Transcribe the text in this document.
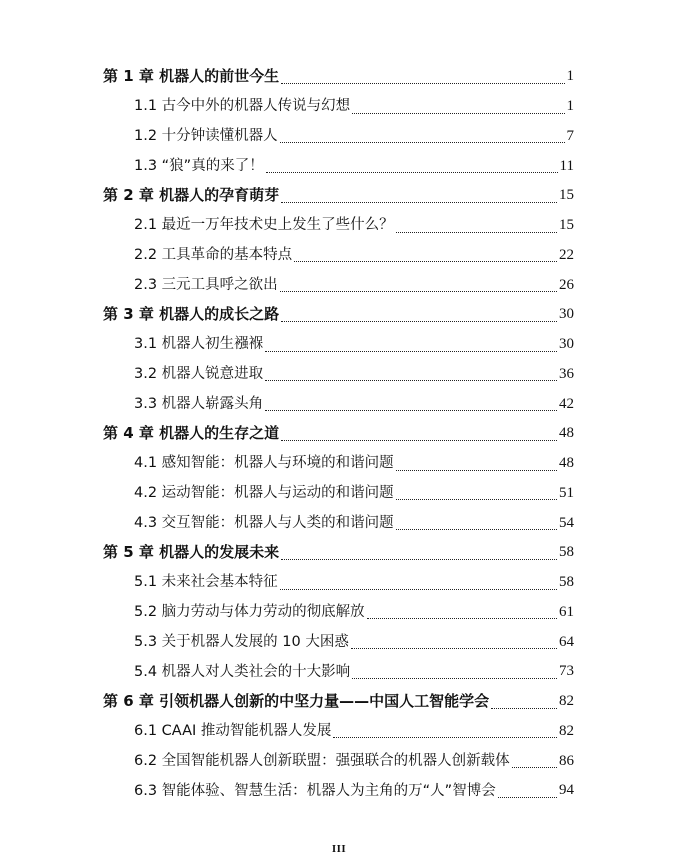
第 1 章 机器人的前世今生	1
1.1 古今中外的机器人传说与幻想	1
1.2 十分钟读懂机器人	7
1.3 “狼”真的来了！	11
第 2 章 机器人的孕育萌芽	15
2.1 最近一万年技术史上发生了些什么？	15
2.2 工具革命的基本特点	22
2.3 三元工具呼之欲出	26
第 3 章 机器人的成长之路	30
3.1 机器人初生襁褓	30
3.2 机器人锐意进取	36
3.3 机器人崭露头角	42
第 4 章 机器人的生存之道	48
4.1 感知智能：机器人与环境的和谐问题	48
4.2 运动智能：机器人与运动的和谐问题	51
4.3 交互智能：机器人与人类的和谐问题	54
第 5 章 机器人的发展未来	58
5.1 未来社会基本特征	58
5.2 脑力劳动与体力劳动的彻底解放	61
5.3 关于机器人发展的 10 大困惑	64
5.4 机器人对人类社会的十大影响	73
第 6 章 引领机器人创新的中坚力量——中国人工智能学会	82
6.1 CAAI 推动智能机器人发展	82
6.2 全国智能机器人创新联盟：强强联合的机器人创新载体	86
6.3 智能体验、智慧生活：机器人为主角的万“人”智博会	94
III
